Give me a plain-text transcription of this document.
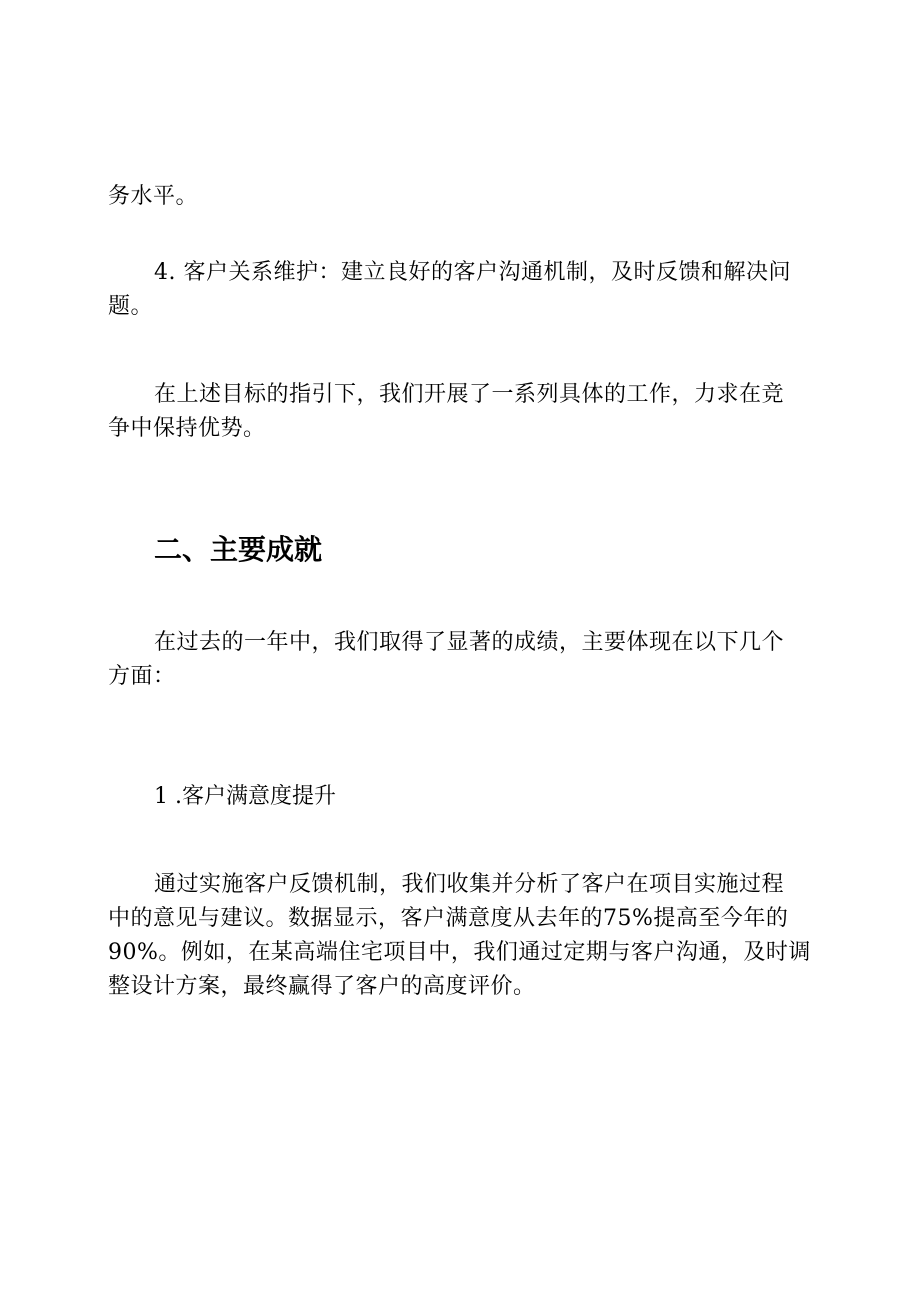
务水平。

4. 客户关系维护：建立良好的客户沟通机制，及时反馈和解决问
题。

在上述目标的指引下，我们开展了一系列具体的工作，力求在竞
争中保持优势。

二、主要成就

在过去的一年中，我们取得了显著的成绩，主要体现在以下几个
方面：

1 .客户满意度提升

通过实施客户反馈机制，我们收集并分析了客户在项目实施过程
中的意见与建议。数据显示，客户满意度从去年的75%提高至今年的
90%。例如，在某高端住宅项目中，我们通过定期与客户沟通，及时调
整设计方案，最终赢得了客户的高度评价。
